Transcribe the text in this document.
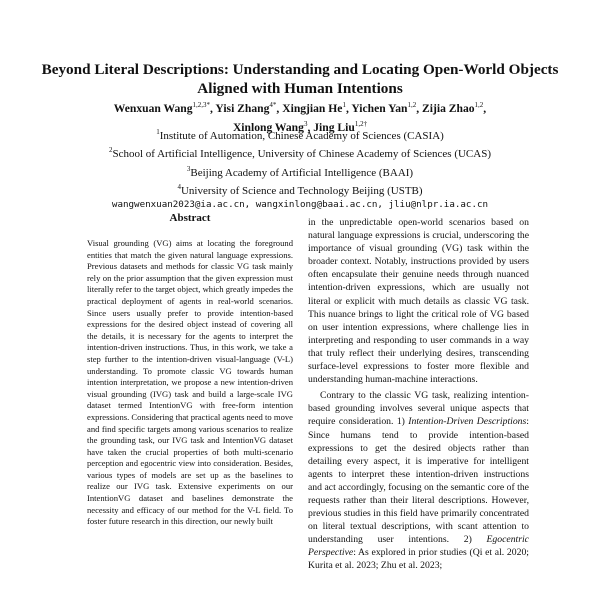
Beyond Literal Descriptions: Understanding and Locating Open-World Objects Aligned with Human Intentions
Wenxuan Wang$^{1,2,3*}$, Yisi Zhang$^{4*}$, Xingjian He$^1$, Yichen Yan$^{1,2}$, Zijia Zhao$^{1,2}$,
Xinlong Wang$^3$, Jing Liu$^{1,2\dagger}$
$^1$Institute of Automation, Chinese Academy of Sciences (CASIA)
$^2$School of Artificial Intelligence, University of Chinese Academy of Sciences (UCAS)
$^3$Beijing Academy of Artificial Intelligence (BAAI)
$^4$University of Science and Technology Beijing (USTB)
wangwenxuan2023@ia.ac.cn, wangxinlong@baai.ac.cn, jliu@nlpr.ia.ac.cn
Abstract

Visual grounding (VG) aims at locating the foreground entities that match the given natural language expressions. Previous datasets and methods for classic VG task mainly rely on the prior assumption that the given expression must literally refer to the target object, which greatly impedes the practical deployment of agents in real-world scenarios. Since users usually prefer to provide intention-based expressions for the desired object instead of covering all the details, it is necessary for the agents to interpret the intention-driven instructions. Thus, in this work, we take a step further to the intention-driven visual-language (V-L) understanding. To promote classic VG towards human intention interpretation, we propose a new intention-driven visual grounding (IVG) task and build a large-scale IVG dataset termed IntentionVG with free-form intention expressions. Considering that practical agents need to move and find specific targets among various scenarios to realize the grounding task, our IVG task and IntentionVG dataset have taken the crucial properties of both multi-scenario perception and egocentric view into consideration. Besides, various types of models are set up as the baselines to realize our IVG task. Extensive experiments on our IntentionVG dataset and baselines demonstrate the necessity and efficacy of our method for the V-L field. To foster future research in this direction, our newly built

in the unpredictable open-world scenarios based on natural language expressions is crucial, underscoring the importance of visual grounding (VG) task within the broader context. Notably, instructions provided by users often encapsulate their genuine needs through nuanced intention-driven expressions, which are usually not literal or explicit with much details as classic VG task. This nuance brings to light the critical role of VG based on user intention expressions, where challenge lies in interpreting and responding to user commands in a way that truly reflect their underlying desires, transcending surface-level expressions to foster more flexible and understanding human-machine interactions.

Contrary to the classic VG task, realizing intention-based grounding involves several unique aspects that require consideration. 1) Intention-Driven Descriptions: Since humans tend to provide intention-based expressions to get the desired objects rather than detailing every aspect, it is imperative for intelligent agents to interpret these intention-driven instructions and act accordingly, focusing on the semantic core of the requests rather than their literal descriptions. However, previous studies in this field have primarily concentrated on literal textual descriptions, with scant attention to understanding user intentions. 2) Egocentric Perspective: As explored in prior studies (Qi et al. 2020; Kurita et al. 2023; Zhu et al. 2023;
